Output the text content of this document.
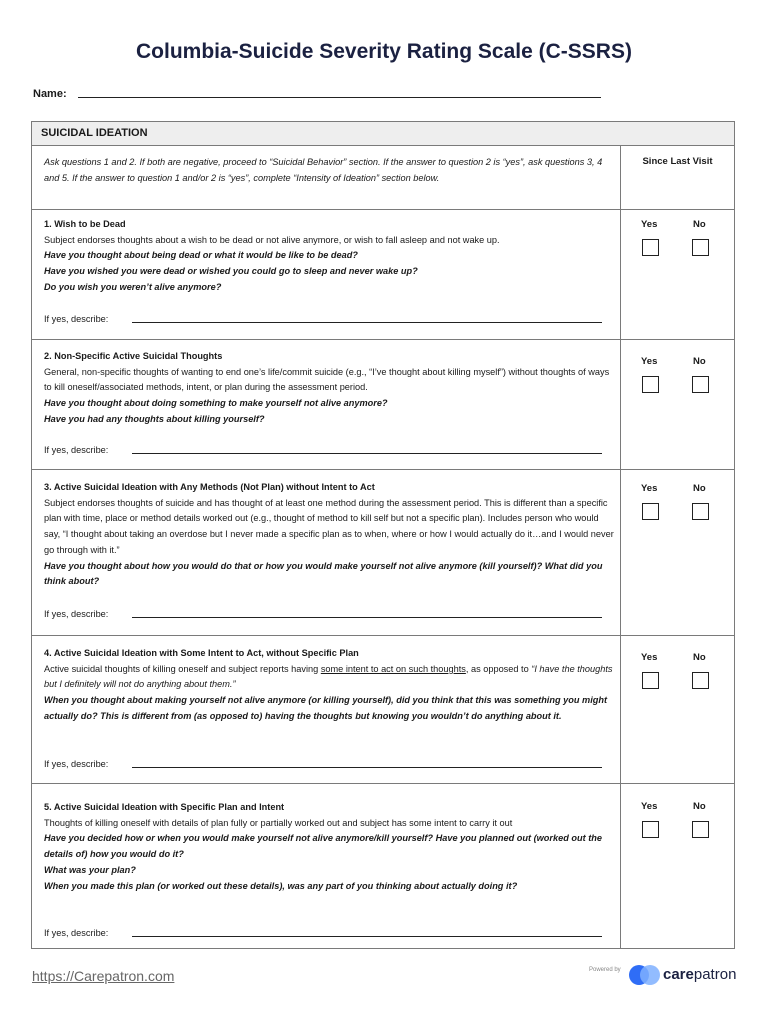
Columbia-Suicide Severity Rating Scale (C-SSRS)
Name:
SUICIDAL IDEATION
Ask questions 1 and 2. If both are negative, proceed to “Suicidal Behavior” section. If the answer to question 2 is “yes”, ask questions 3, 4 and 5. If the answer to question 1 and/or 2 is “yes”, complete “Intensity of Ideation” section below.
Since Last Visit
1. Wish to be Dead
Subject endorses thoughts about a wish to be dead or not alive anymore, or wish to fall asleep and not wake up.
Have you thought about being dead or what it would be like to be dead?
Have you wished you were dead or wished you could go to sleep and never wake up?
Do you wish you weren’t alive anymore?
If yes, describe:
Yes	No
2. Non-Specific Active Suicidal Thoughts
General, non-specific thoughts of wanting to end one’s life/commit suicide (e.g., “I’ve thought about killing myself”) without thoughts of ways to kill oneself/associated methods, intent, or plan during the assessment period.
Have you thought about doing something to make yourself not alive anymore?
Have you had any thoughts about killing yourself?
If yes, describe:
Yes	No
3. Active Suicidal Ideation with Any Methods (Not Plan) without Intent to Act
Subject endorses thoughts of suicide and has thought of at least one method during the assessment period. This is different than a specific plan with time, place or method details worked out (e.g., thought of method to kill self but not a specific plan). Includes person who would say, “I thought about taking an overdose but I never made a specific plan as to when, where or how I would actually do it…and I would never go through with it.”
Have you thought about how you would do that or how you would make yourself not alive anymore (kill yourself)? What did you think about?
If yes, describe:
Yes	No
4. Active Suicidal Ideation with Some Intent to Act, without Specific Plan
Active suicidal thoughts of killing oneself and subject reports having some intent to act on such thoughts, as opposed to “I have the thoughts but I definitely will not do anything about them.”
When you thought about making yourself not alive anymore (or killing yourself), did you think that this was something you might actually do? This is different from (as opposed to) having the thoughts but knowing you wouldn’t do anything about it.
If yes, describe:
Yes	No
5. Active Suicidal Ideation with Specific Plan and Intent
Thoughts of killing oneself with details of plan fully or partially worked out and subject has some intent to carry it out
Have you decided how or when you would make yourself not alive anymore/kill yourself? Have you planned out (worked out the details of) how you would do it?
What was your plan?
When you made this plan (or worked out these details), was any part of you thinking about actually doing it?
If yes, describe:
Yes	No
https://Carepatron.com	Powered by	carepatron
